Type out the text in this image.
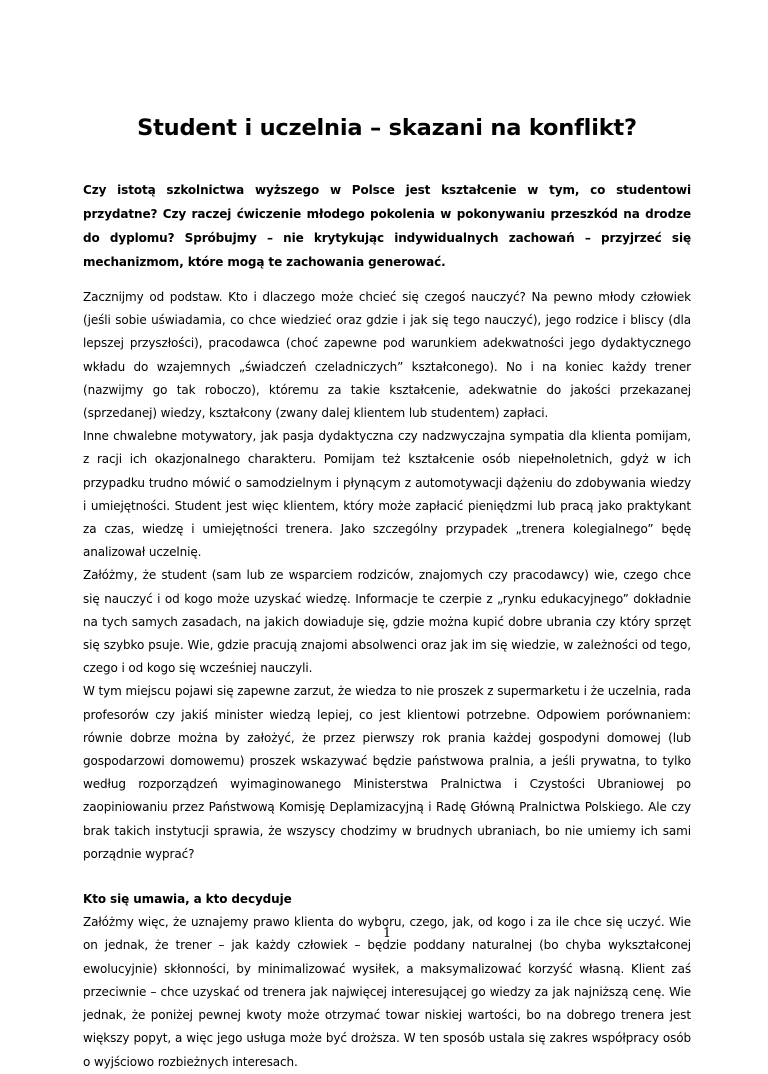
Student i uczelnia – skazani na konflikt?

Czy istotą szkolnictwa wyższego w Polsce jest kształcenie w tym, co studentowi przydatne? Czy raczej ćwiczenie młodego pokolenia w pokonywaniu przeszkód na drodze do dyplomu? Spróbujmy – nie krytykując indywidualnych zachowań – przyjrzeć się mechanizmom, które mogą te zachowania generować.

Zacznijmy od podstaw. Kto i dlaczego może chcieć się czegoś nauczyć? Na pewno młody człowiek (jeśli sobie uświadamia, co chce wiedzieć oraz gdzie i jak się tego nauczyć), jego rodzice i bliscy (dla lepszej przyszłości), pracodawca (choć zapewne pod warunkiem adekwatności jego dydaktycznego wkładu do wzajemnych „świadczeń czeladniczych” kształconego). No i na koniec każdy trener (nazwijmy go tak roboczo), któremu za takie kształcenie, adekwatnie do jakości przekazanej (sprzedanej) wiedzy, kształcony (zwany dalej klientem lub studentem) zapłaci.

Inne chwalebne motywatory, jak pasja dydaktyczna czy nadzwyczajna sympatia dla klienta pomijam, z racji ich okazjonalnego charakteru. Pomijam też kształcenie osób niepełnoletnich, gdyż w ich przypadku trudno mówić o samodzielnym i płynącym z automotywacji dążeniu do zdobywania wiedzy i umiejętności. Student jest więc klientem, który może zapłacić pieniędzmi lub pracą jako praktykant za czas, wiedzę i umiejętności trenera. Jako szczególny przypadek „trenera kolegialnego” będę analizował uczelnię.

Załóżmy, że student (sam lub ze wsparciem rodziców, znajomych czy pracodawcy) wie, czego chce się nauczyć i od kogo może uzyskać wiedzę. Informacje te czerpie z „rynku edukacyjnego” dokładnie na tych samych zasadach, na jakich dowiaduje się, gdzie można kupić dobre ubrania czy który sprzęt się szybko psuje. Wie, gdzie pracują znajomi absolwenci oraz jak im się wiedzie, w zależności od tego, czego i od kogo się wcześniej nauczyli.

W tym miejscu pojawi się zapewne zarzut, że wiedza to nie proszek z supermarketu i że uczelnia, rada profesorów czy jakiś minister wiedzą lepiej, co jest klientowi potrzebne. Odpowiem porównaniem: równie dobrze można by założyć, że przez pierwszy rok prania każdej gospodyni domowej (lub gospodarzowi domowemu) proszek wskazywać będzie państwowa pralnia, a jeśli prywatna, to tylko według rozporządzeń wyimaginowanego Ministerstwa Pralnictwa i Czystości Ubraniowej po zaopiniowaniu przez Państwową Komisję Deplamizacyjną i Radę Główną Pralnictwa Polskiego. Ale czy brak takich instytucji sprawia, że wszyscy chodzimy w brudnych ubraniach, bo nie umiemy ich sami porządnie wyprać?

Kto się umawia, a kto decyduje

Załóżmy więc, że uznajemy prawo klienta do wyboru, czego, jak, od kogo i za ile chce się uczyć. Wie on jednak, że trener – jak każdy człowiek – będzie poddany naturalnej (bo chyba wykształconej ewolucyjnie) skłonności, by minimalizować wysiłek, a maksymalizować korzyść własną. Klient zaś przeciwnie – chce uzyskać od trenera jak najwięcej interesującej go wiedzy za jak najniższą cenę. Wie jednak, że poniżej pewnej kwoty może otrzymać towar niskiej wartości, bo na dobrego trenera jest większy popyt, a więc jego usługa może być droższa. W ten sposób ustala się zakres współpracy osób o wyjściowo rozbieżnych interesach.

1
